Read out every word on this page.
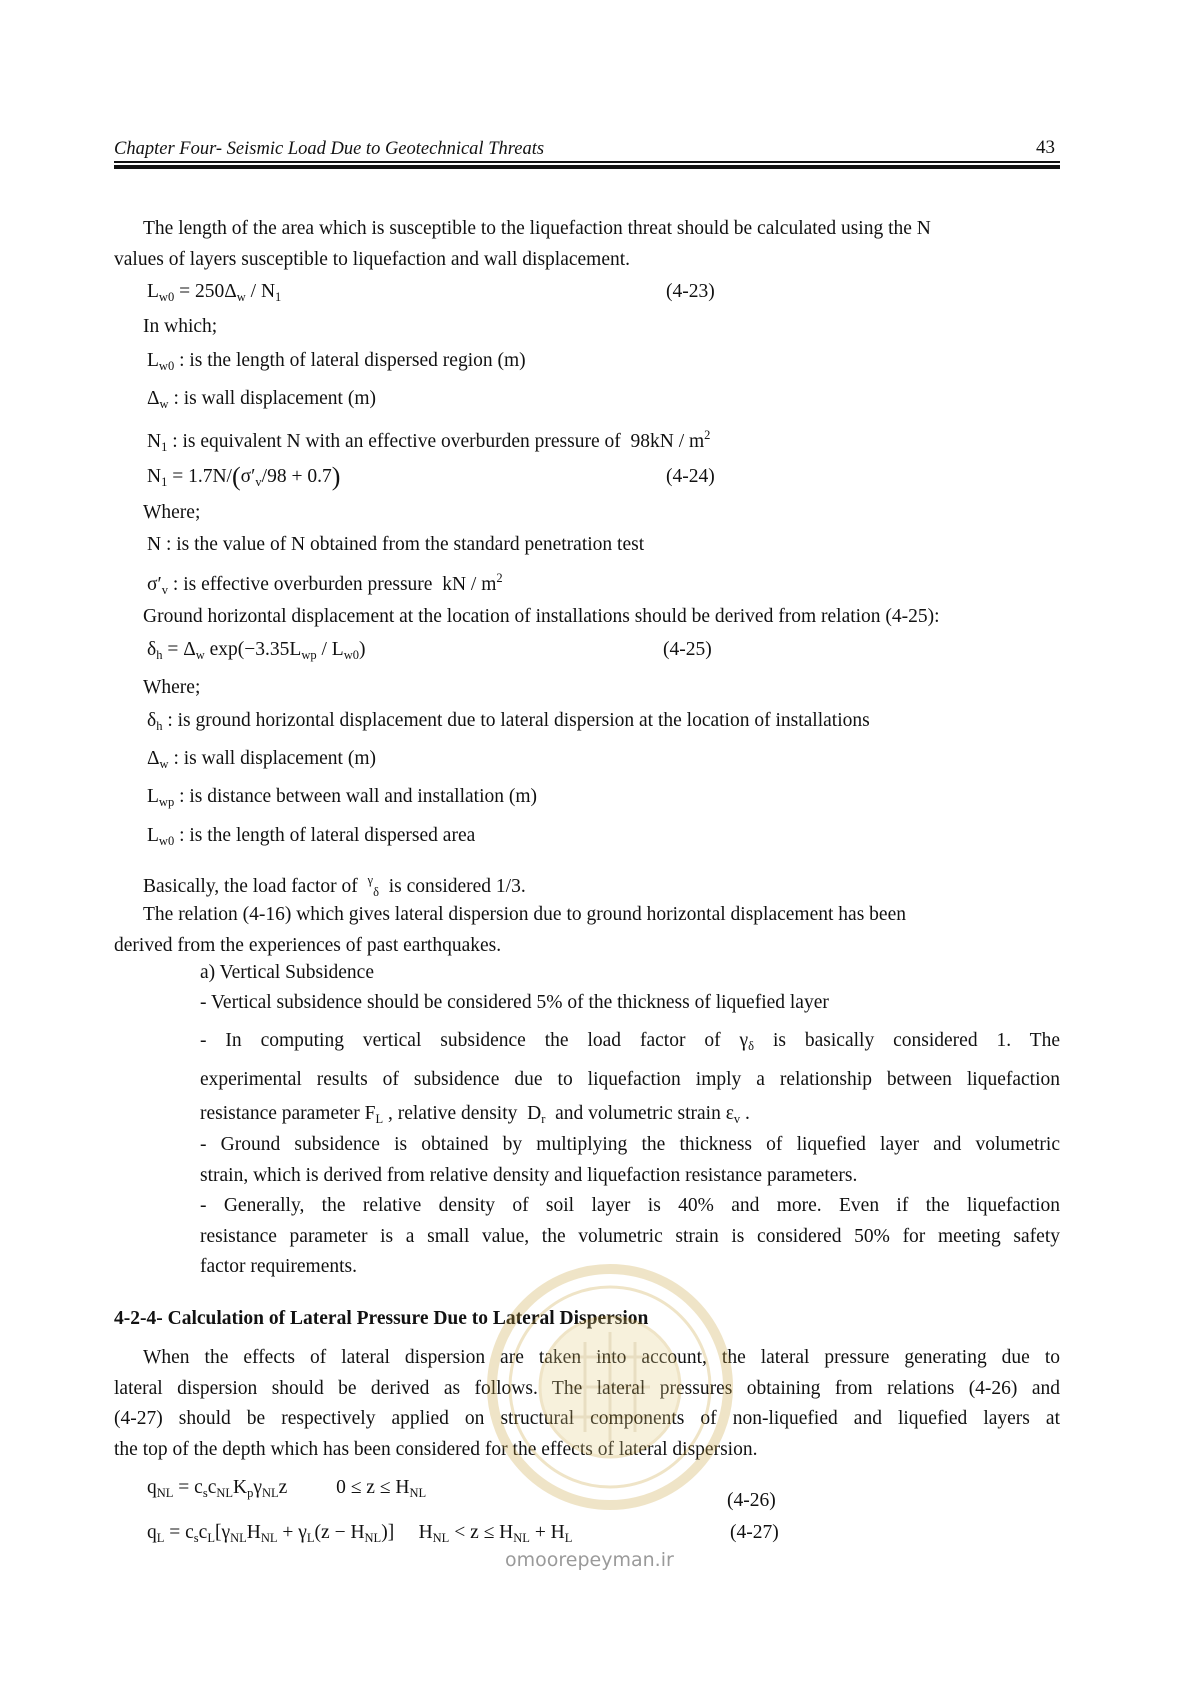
Chapter Four- Seismic Load Due to Geotechnical Threats	43
The length of the area which is susceptible to the liquefaction threat should be calculated using the N
values of layers susceptible to liquefaction and wall displacement.
$L_{w0} = 250\Delta_w / N_1$	(4-23)
In which;
$L_{w0}$ : is the length of lateral dispersed region (m)
$\Delta_w$ : is wall displacement (m)
$N_1$ : is equivalent N with an effective overburden pressure of  $98kN / m^2$
$N_1 = 1.7N/(\sigma'_v/98 + 0.7)$	(4-24)
Where;
N : is the value of N obtained from the standard penetration test
$\sigma'_v$ : is effective overburden pressure  kN / $m^2$
Ground horizontal displacement at the location of installations should be derived from relation (4-25):
$\delta_h = \Delta_w$ $\exp(-3.35L_{wp} / L_{w0})$	(4-25)
Where;
$\delta_h$ : is ground horizontal displacement due to lateral dispersion at the location of installations
$\Delta_w$ : is wall displacement (m)
$L_{wp}$ : is distance between wall and installation (m)
$L_{w0}$ : is the length of lateral dispersed area
Basically, the load factor of $^\gamma_\delta$ is considered 1/3.
The relation (4-16) which gives lateral dispersion due to ground horizontal displacement has been
derived from the experiences of past earthquakes.
a) Vertical Subsidence
- Vertical subsidence should be considered 5% of the thickness of liquefied layer
- In computing vertical subsidence the load factor of $\gamma_\delta$ is basically considered 1. The
experimental results of subsidence due to liquefaction imply a relationship between liquefaction
resistance parameter $F_L$ , relative density  $D_r$ and volumetric strain $\varepsilon_v$ .
- Ground subsidence is obtained by multiplying the thickness of liquefied layer and volumetric
strain, which is derived from relative density and liquefaction resistance parameters.
- Generally, the relative density of soil layer is 40% and more. Even if the liquefaction
resistance parameter is a small value, the volumetric strain is considered 50% for meeting safety
factor requirements.
4-2-4- Calculation of Lateral Pressure Due to Lateral Dispersion
When the effects of lateral dispersion are taken into account, the lateral pressure generating due to
lateral dispersion should be derived as follows. The lateral pressures obtaining from relations (4-26) and
(4-27) should be respectively applied on structural components of non-liquefied and liquefied layers at
the top of the depth which has been considered for the effects of lateral dispersion.
$q_{NL} = c_sc_{NL}K_p\gamma_{NL}z$          $0 \le z \le H_{NL}$	(4-26)
$q_L = c_sc_L[\gamma_{NL}H_{NL} + \gamma_L(z - H_{NL})]$     $H_{NL} < z \le H_{NL} + H_L$	(4-27)
omoorepeyman.ir
